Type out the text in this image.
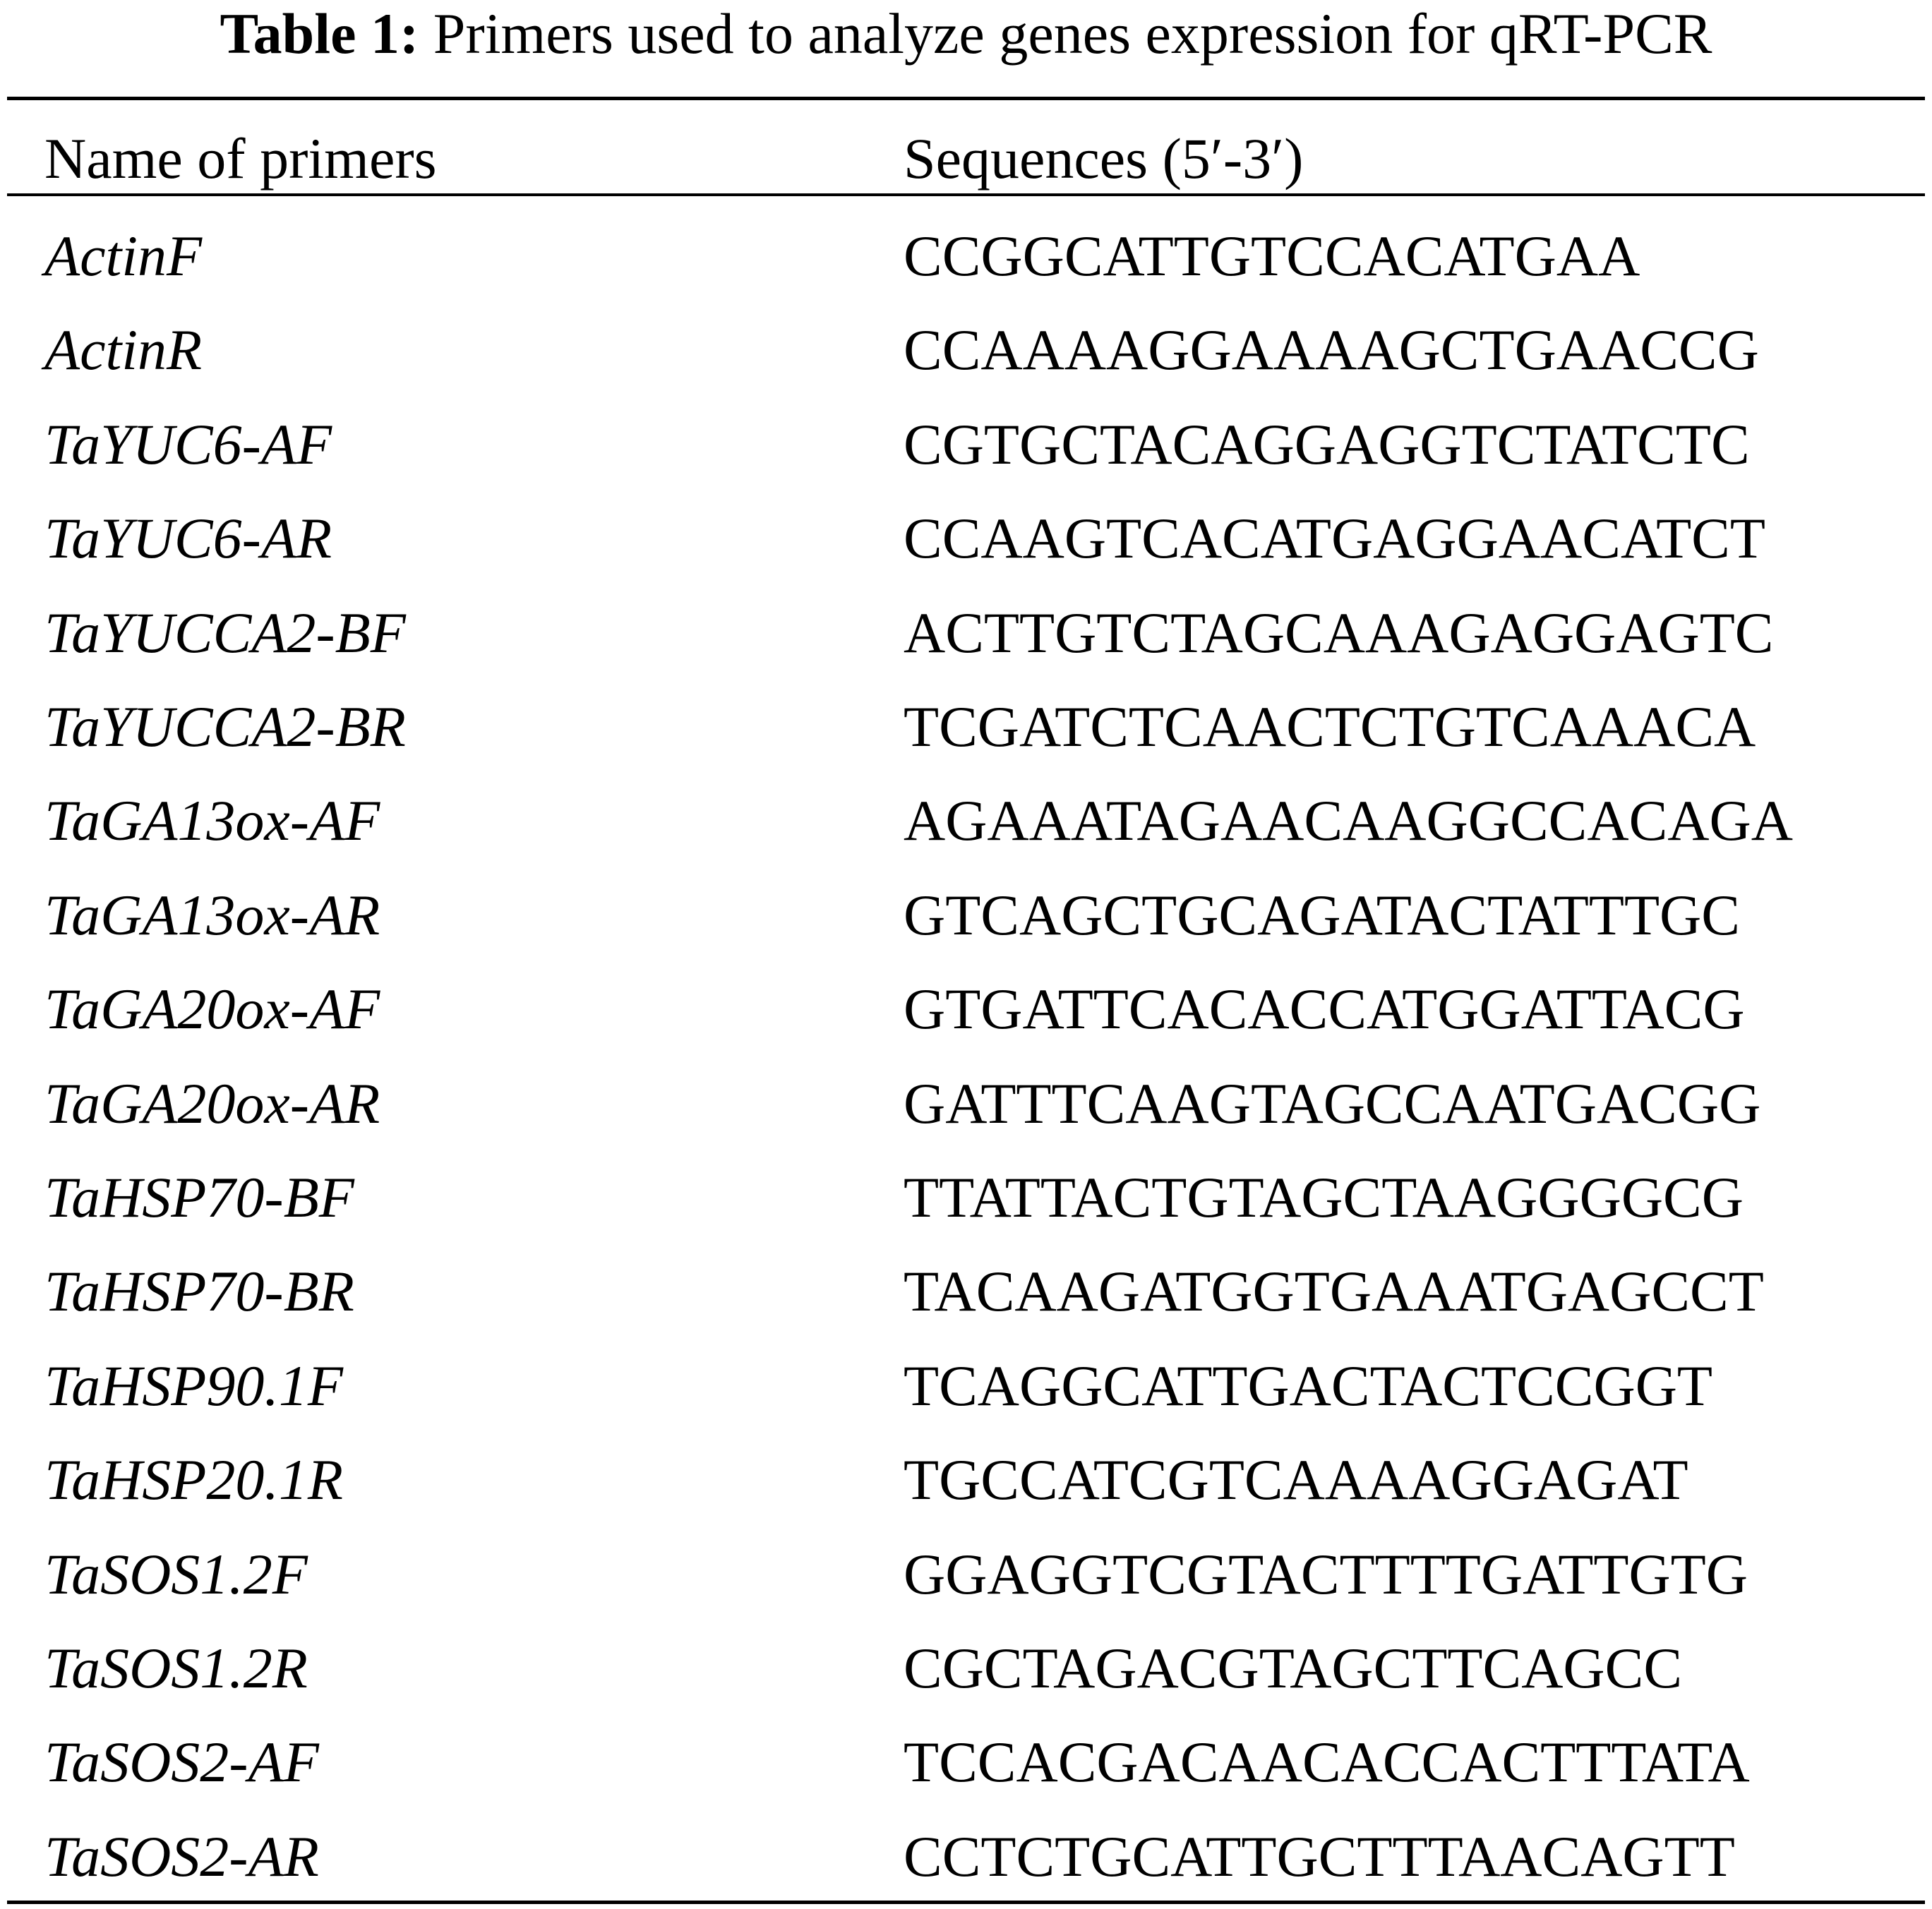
Table 1: Primers used to analyze genes expression for qRT-PCR
Name of primers	Sequences (5′-3′)
ActinF	CCGGCATTGTCCACATGAA
ActinR	CCAAAAGGAAAAGCTGAACCG
TaYUC6-AF	CGTGCTACAGGAGGTCTATCTC
TaYUC6-AR	CCAAGTCACATGAGGAACATCT
TaYUCCA2-BF	ACTTGTCTAGCAAAGAGGAGTC
TaYUCCA2-BR	TCGATCTCAACTCTGTCAAACA
TaGA13ox-AF	AGAAATAGAACAAGGCCACAGA
TaGA13ox-AR	GTCAGCTGCAGATACTATTTGC
TaGA20ox-AF	GTGATTCACACCATGGATTACG
TaGA20ox-AR	GATTTCAAGTAGCCAATGACGG
TaHSP70-BF	TTATTACTGTAGCTAAGGGGCG
TaHSP70-BR	TACAAGATGGTGAAATGAGCCT
TaHSP90.1F	TCAGGCATTGACTACTCCGGT
TaHSP20.1R	TGCCATCGTCAAAAGGAGAT
TaSOS1.2F	GGAGGTCGTACTTTTGATTGTG
TaSOS1.2R	CGCTAGACGTAGCTTCAGCC
TaSOS2-AF	TCCACGACAACACCACTTTATA
TaSOS2-AR	CCTCTGCATTGCTTTAACAGTT
